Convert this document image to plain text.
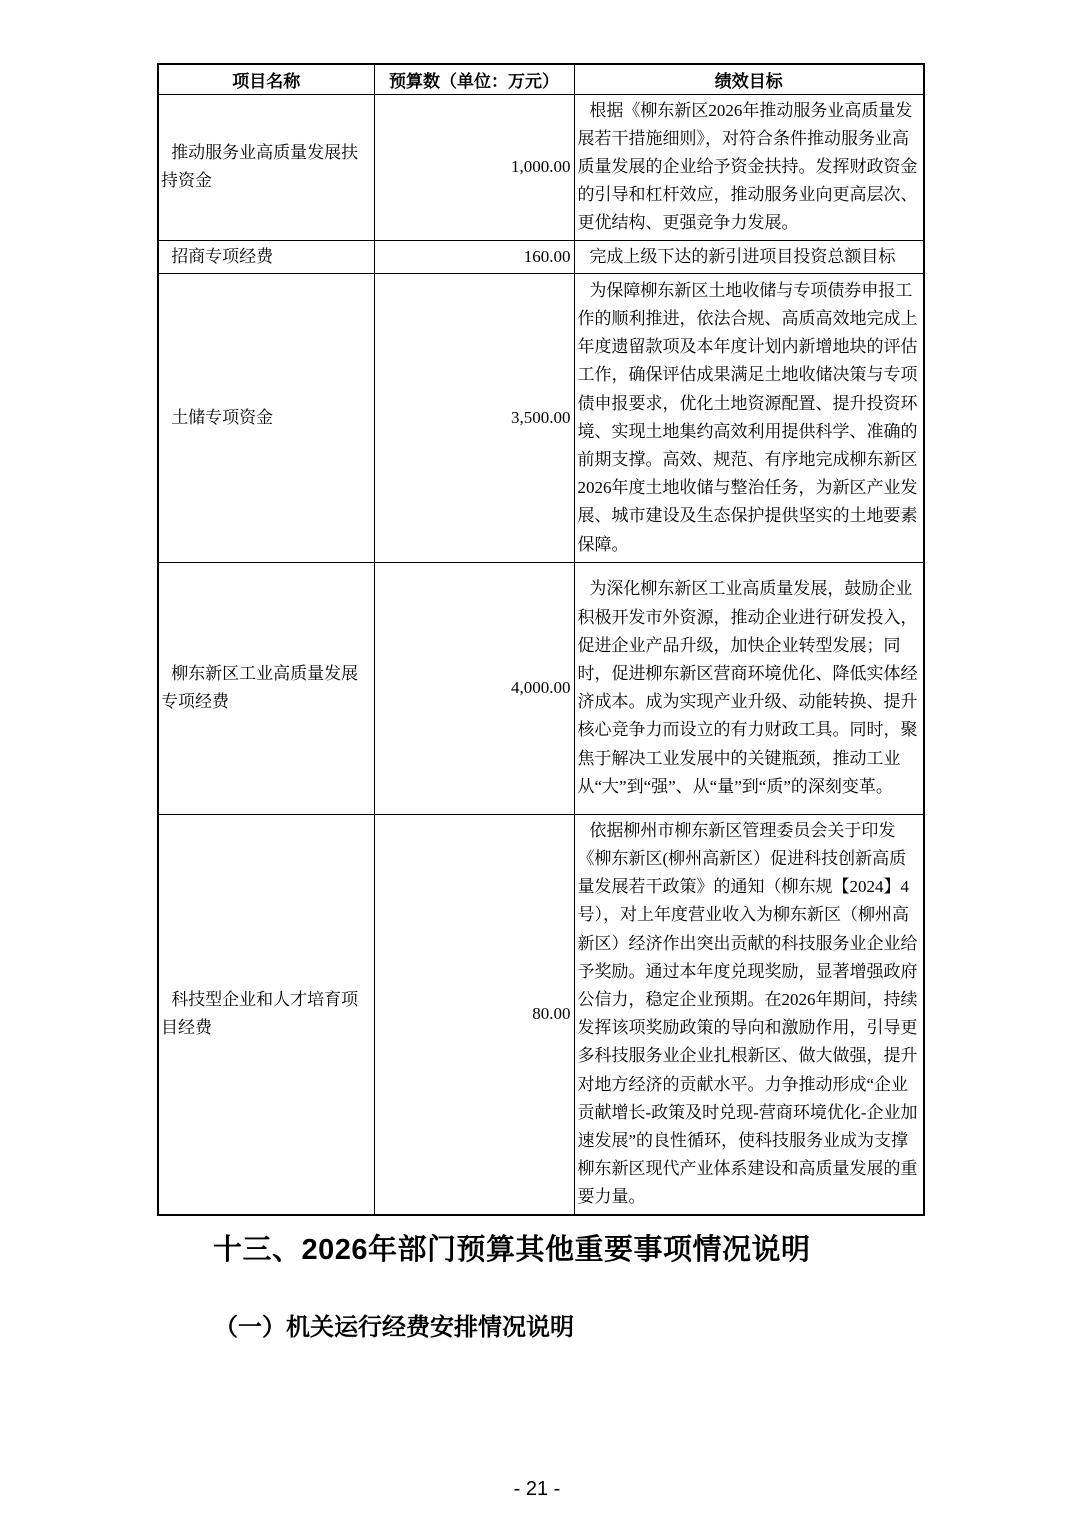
项目名称	预算数（单位：万元）	绩效目标
推动服务业高质量发展扶持资金	1,000.00	根据《柳东新区2026年推动服务业高质量发展若干措施细则》，对符合条件推动服务业高质量发展的企业给予资金扶持。发挥财政资金的引导和杠杆效应，推动服务业向更高层次、更优结构、更强竞争力发展。
招商专项经费	160.00	完成上级下达的新引进项目投资总额目标
土储专项资金	3,500.00	为保障柳东新区土地收储与专项债券申报工作的顺利推进，依法合规、高质高效地完成上年度遗留款项及本年度计划内新增地块的评估工作，确保评估成果满足土地收储决策与专项债申报要求，优化土地资源配置、提升投资环境、实现土地集约高效利用提供科学、准确的前期支撑。高效、规范、有序地完成柳东新区2026年度土地收储与整治任务，为新区产业发展、城市建设及生态保护提供坚实的土地要素保障。
柳东新区工业高质量发展专项经费	4,000.00	为深化柳东新区工业高质量发展，鼓励企业积极开发市外资源，推动企业进行研发投入，促进企业产品升级，加快企业转型发展；同时，促进柳东新区营商环境优化、降低实体经济成本。成为实现产业升级、动能转换、提升核心竞争力而设立的有力财政工具。同时，聚焦于解决工业发展中的关键瓶颈，推动工业从“大”到“强”、从“量”到“质”的深刻变革。
科技型企业和人才培育项目经费	80.00	依据柳州市柳东新区管理委员会关于印发《柳东新区(柳州高新区）促进科技创新高质量发展若干政策》的通知（柳东规【2024】4号），对上年度营业收入为柳东新区（柳州高新区）经济作出突出贡献的科技服务业企业给予奖励。通过本年度兑现奖励，显著增强政府公信力，稳定企业预期。在2026年期间，持续发挥该项奖励政策的导向和激励作用，引导更多科技服务业企业扎根新区、做大做强，提升对地方经济的贡献水平。力争推动形成“企业贡献增长-政策及时兑现-营商环境优化-企业加速发展”的良性循环，使科技服务业成为支撑柳东新区现代产业体系建设和高质量发展的重要力量。
十三、2026年部门预算其他重要事项情况说明
（一）机关运行经费安排情况说明
- 21 -
